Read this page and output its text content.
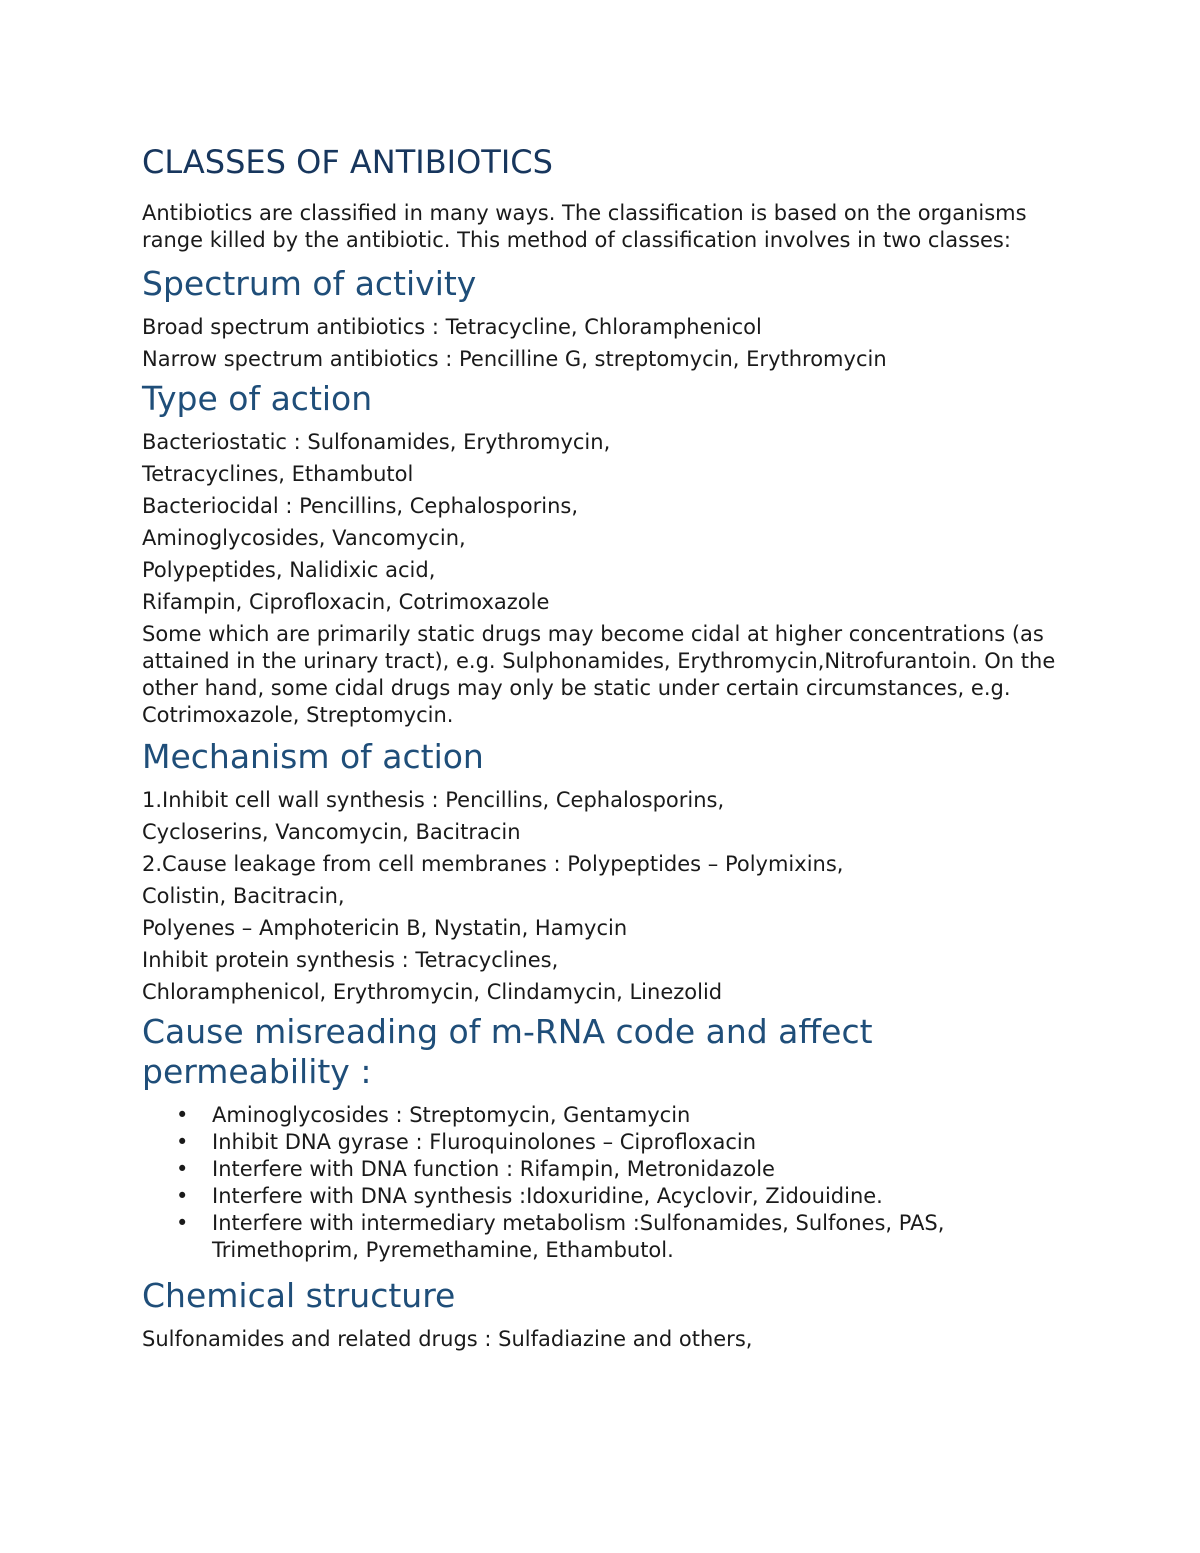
CLASSES OF ANTIBIOTICS

Antibiotics are classified in many ways. The classification is based on the organisms range killed by the antibiotic. This method of classification involves in two classes:

Spectrum of activity

Broad spectrum antibiotics : Tetracycline, Chloramphenicol

Narrow spectrum antibiotics : Pencilline G, streptomycin, Erythromycin

Type of action

Bacteriostatic : Sulfonamides, Erythromycin,

Tetracyclines, Ethambutol

Bacteriocidal : Pencillins, Cephalosporins,

Aminoglycosides, Vancomycin,

Polypeptides, Nalidixic acid,

Rifampin, Ciprofloxacin, Cotrimoxazole

Some which are primarily static drugs may become cidal at higher concentrations (as attained in the urinary tract), e.g. Sulphonamides, Erythromycin,Nitrofurantoin. On the other hand, some cidal drugs may only be static under certain circumstances, e.g. Cotrimoxazole, Streptomycin.

Mechanism of action

1.Inhibit cell wall synthesis : Pencillins, Cephalosporins,

Cycloserins, Vancomycin, Bacitracin

2.Cause leakage from cell membranes : Polypeptides – Polymixins,

Colistin, Bacitracin,

Polyenes – Amphotericin B, Nystatin, Hamycin

Inhibit protein synthesis : Tetracyclines,

Chloramphenicol, Erythromycin, Clindamycin, Linezolid

Cause misreading of m-RNA code and affect permeability :
• Aminoglycosides : Streptomycin, Gentamycin
• Inhibit DNA gyrase : Fluroquinolones – Ciprofloxacin
• Interfere with DNA function : Rifampin, Metronidazole
• Interfere with DNA synthesis :Idoxuridine, Acyclovir, Zidouidine.
• Interfere with intermediary metabolism :Sulfonamides, Sulfones, PAS, Trimethoprim, Pyremethamine, Ethambutol.
Chemical structure

Sulfonamides and related drugs : Sulfadiazine and others,
